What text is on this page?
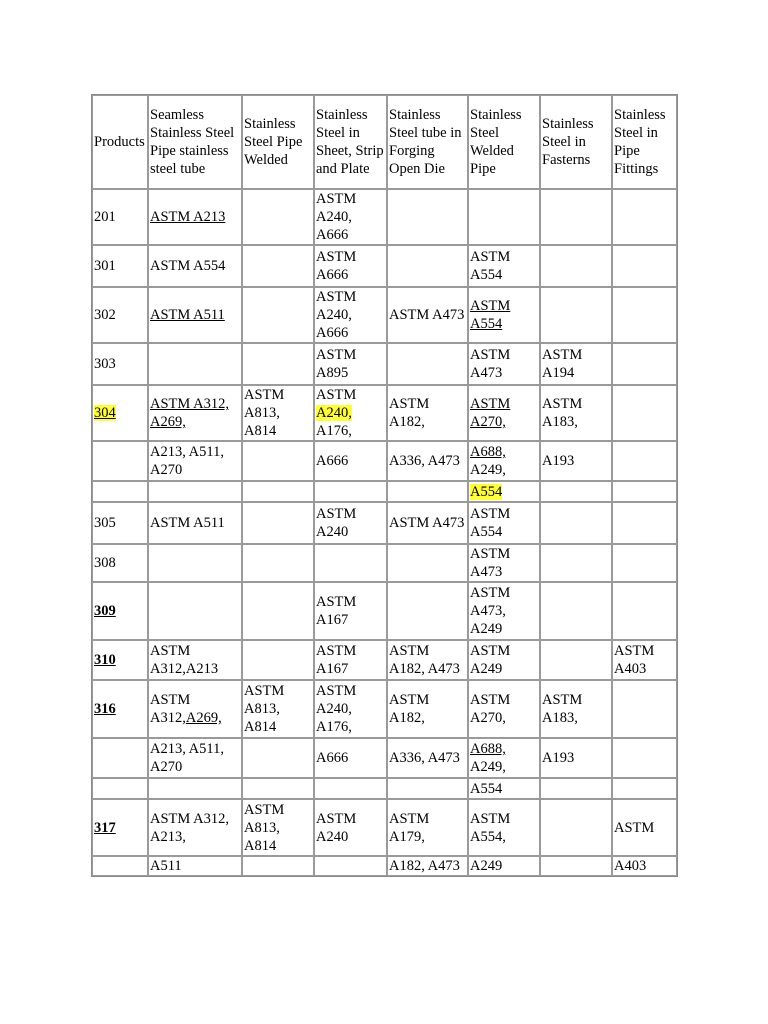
Products	Seamless Stainless Steel Pipe stainless steel tube	Stainless Steel Pipe Welded	Stainless Steel in Sheet, Strip and Plate	Stainless Steel tube in Forging Open Die	Stainless Steel Welded Pipe	Stainless Steel in Fasterns	Stainless Steel in Pipe Fittings
201	ASTM A213		ASTM A240, A666				
301	ASTM A554		ASTM A666		ASTM A554		
302	ASTM A511		ASTM A240, A666	ASTM A473	ASTM A554		
303			ASTM A895		ASTM A473	ASTM A194	
304	ASTM A312, A269,	ASTM A813, A814	ASTM A240, A176,	ASTM A182,	ASTM A270,	ASTM A183,	
	A213, A511, A270		A666	A336, A473	A688, A249,	A193	
					A554		
305	ASTM A511		ASTM A240	ASTM A473	ASTM A554		
308					ASTM A473		
309			ASTM A167		ASTM A473, A249		
310	ASTM A312,A213		ASTM A167	ASTM A182, A473	ASTM A249		ASTM A403
316	ASTM A312,A269,	ASTM A813, A814	ASTM A240, A176,	ASTM A182,	ASTM A270,	ASTM A183,	
	A213, A511, A270		A666	A336, A473	A688, A249,	A193	
					A554		
317	ASTM A312, A213,	ASTM A813, A814	ASTM A240	ASTM A179,	ASTM A554,		ASTM
	A511			A182, A473	A249		A403
